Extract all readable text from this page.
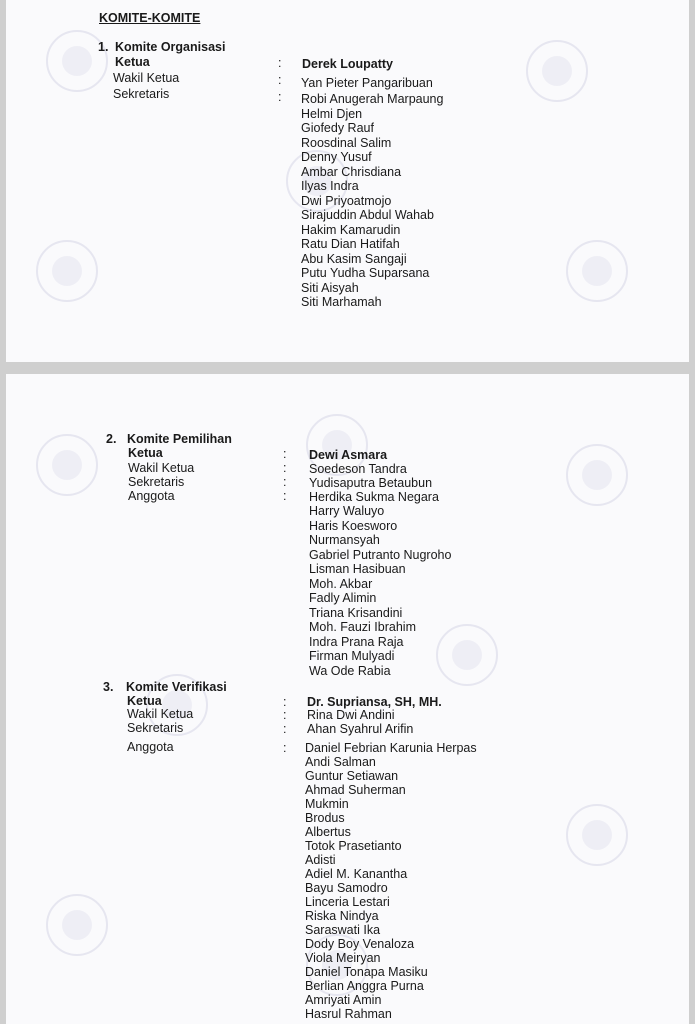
KOMITE-KOMITE
1. Komite Organisasi
Ketua	: Derek Loupatty
Wakil Ketua	: Yan Pieter Pangaribuan
Sekretaris	: Robi Anugerah Marpaung
Helmi Djen
Giofedy Rauf
Roosdinal Salim
Denny Yusuf
Ambar Chrisdiana
Ilyas Indra
Dwi Priyoatmojo
Sirajuddin Abdul Wahab
Hakim Kamarudin
Ratu Dian Hatifah
Abu Kasim Sangaji
Putu Yudha Suparsana
Siti Aisyah
Siti Marhamah
2. Komite Pemilihan
Ketua	: Dewi Asmara
Wakil Ketua	: Soedeson Tandra
Sekretaris	: Yudisaputra Betaubun
Anggota	: Herdika Sukma Negara
Harry Waluyo
Haris Koesworo
Nurmansyah
Gabriel Putranto Nugroho
Lisman Hasibuan
Moh. Akbar
Fadly Alimin
Triana Krisandini
Moh. Fauzi Ibrahim
Indra Prana Raja
Firman Mulyadi
Wa Ode Rabia
3. Komite Verifikasi
Ketua	: Dr. Supriansa, SH, MH.
Wakil Ketua	: Rina Dwi Andini
Sekretaris	: Ahan Syahrul Arifin
Anggota	: Daniel Febrian Karunia Herpas
Andi Salman
Guntur Setiawan
Ahmad Suherman
Mukmin
Brodus
Albertus
Totok Prasetianto
Adisti
Adiel M. Kanantha
Bayu Samodro
Linceria Lestari
Riska Nindya
Saraswati Ika
Dody Boy Venaloza
Viola Meiryan
Daniel Tonapa Masiku
Berlian Anggra Purna
Amriyati Amin
Hasrul Rahman
